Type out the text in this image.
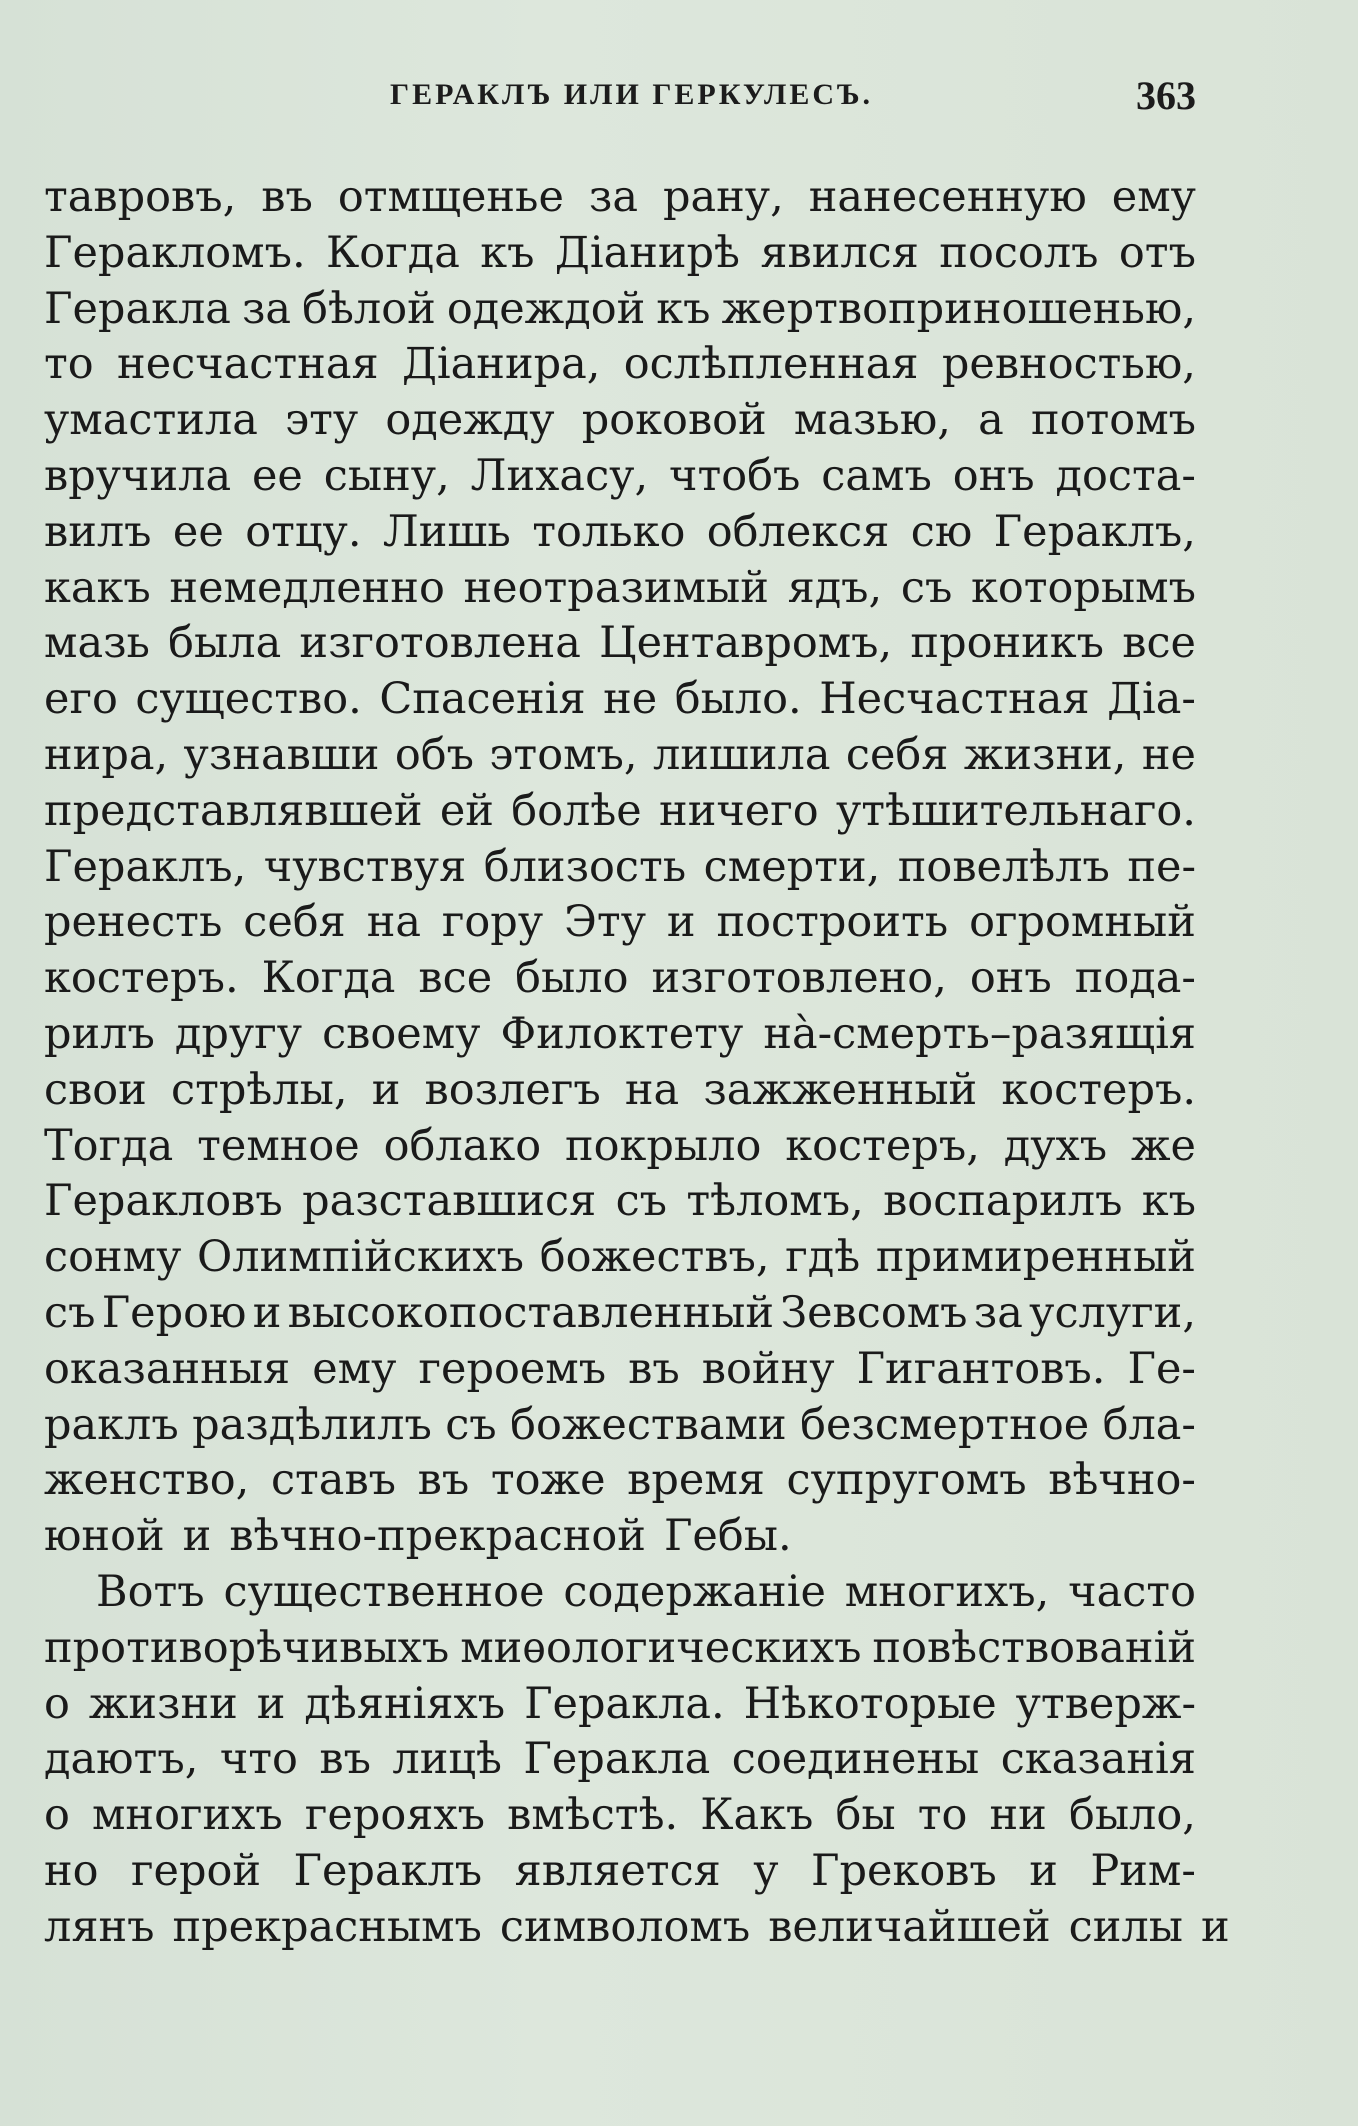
ГЕРАКЛЪ ИЛИ ГЕРКУЛЕСЪ.	363
тавровъ, въ отмщенье за рану, нанесенную ему
Геракломъ. Когда къ Діанирѣ явился посолъ отъ
Геракла за бѣлой одеждой къ жертвоприношенью,
то несчастная Діанира, ослѣпленная ревностью,
умастила эту одежду роковой мазью, а потомъ
вручила ее сыну, Лихасу, чтобъ самъ онъ доста-
вилъ ее отцу. Лишь только облекся сю Гераклъ,
какъ немедленно неотразимый ядъ, съ которымъ
мазь была изготовлена Центавромъ, проникъ все
его существо. Спасенія не было. Несчастная Діа-
нира, узнавши объ этомъ, лишила себя жизни, не
представлявшей ей болѣе ничего утѣшительнаго.
Гераклъ, чувствуя близость смерти, повелѣлъ пе-
ренесть себя на гору Эту и построить огромный
костеръ. Когда все было изготовлено, онъ пода-
рилъ другу своему Филоктету на̀-смерть–разящія
свои стрѣлы, и возлегъ на зажженный костеръ.
Тогда темное облако покрыло костеръ, духъ же
Геракловъ разставшися съ тѣломъ, воспарилъ къ
сонму Олимпійскихъ божествъ, гдѣ примиренный
съ Герою и высокопоставленный Зевсомъ за услуги,
оказанныя ему героемъ въ войну Гигантовъ. Ге-
раклъ раздѣлилъ съ божествами безсмертное бла-
женство, ставъ въ тоже время супругомъ вѣчно-
юной и вѣчно-прекрасной Гебы.
Вотъ существенное содержаніе многихъ, часто
противорѣчивыхъ миѳологическихъ повѣствованій
о жизни и дѣяніяхъ Геракла. Нѣкоторые утверж-
даютъ, что въ лицѣ Геракла соединены сказанія
о многихъ герояхъ вмѣстѣ. Какъ бы то ни было,
но герой Гераклъ является у Грековъ и Рим-
лянъ прекраснымъ символомъ величайшей силы и
